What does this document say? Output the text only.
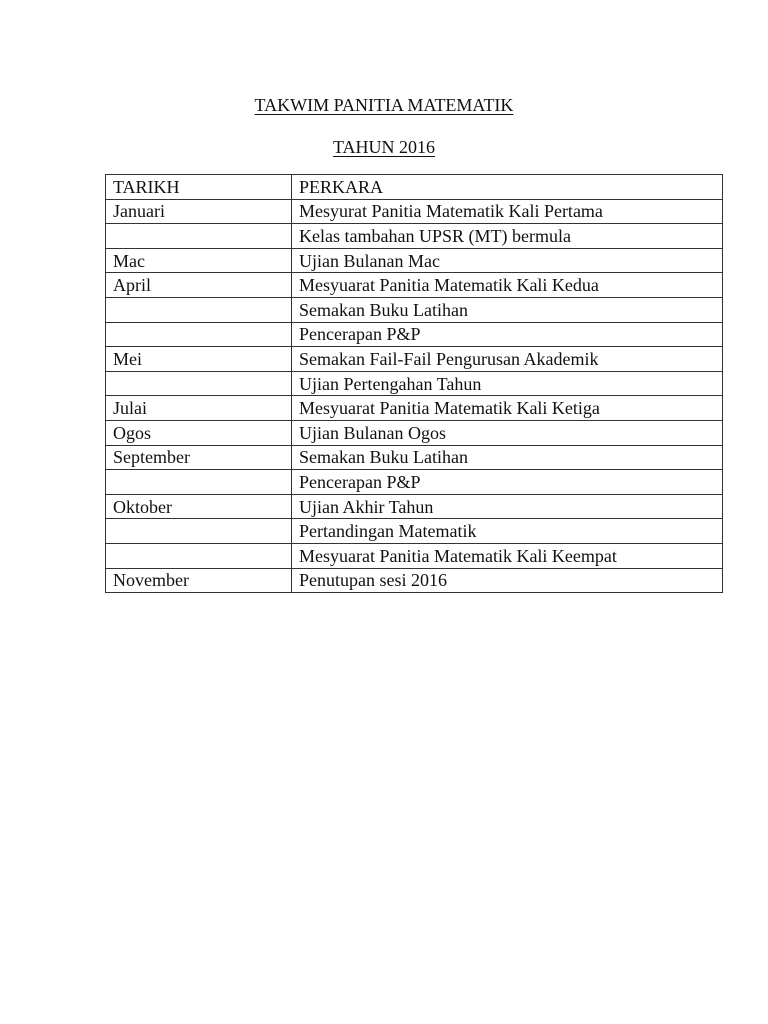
TAKWIM PANITIA MATEMATIK
TAHUN 2016
TARIKH	PERKARA
Januari	Mesyurat Panitia Matematik Kali Pertama
	Kelas tambahan UPSR (MT) bermula
Mac	Ujian Bulanan Mac
April	Mesyuarat Panitia Matematik Kali Kedua
	Semakan Buku Latihan
	Pencerapan P&P
Mei	Semakan Fail-Fail Pengurusan Akademik
	Ujian Pertengahan Tahun
Julai	Mesyuarat Panitia Matematik Kali Ketiga
Ogos	Ujian Bulanan Ogos
September	Semakan Buku Latihan
	Pencerapan P&P
Oktober	Ujian Akhir Tahun
	Pertandingan Matematik
	Mesyuarat Panitia Matematik Kali Keempat
November	Penutupan sesi 2016
